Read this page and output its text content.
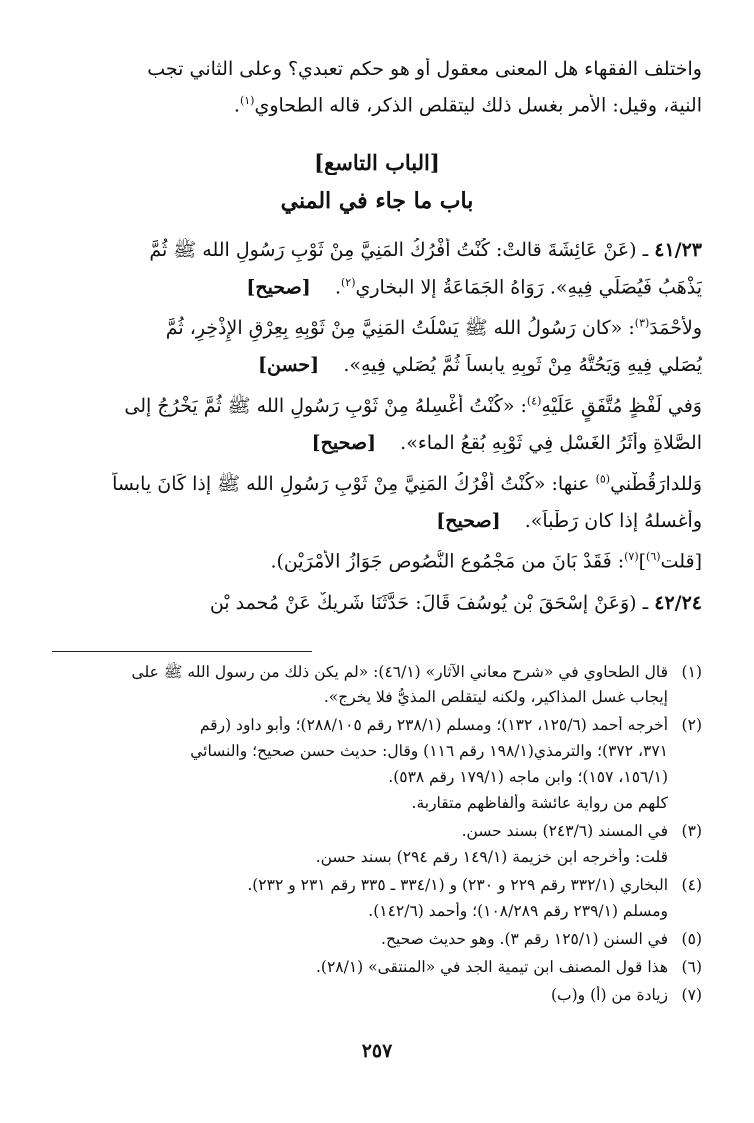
واختلف الفقهاء هل المعنى معقول أو هو حكم تعبدي؟ وعلى الثاني تجب
النية، وقيل: الأمر بغسل ذلك ليتقلص الذكر، قاله الطحاوي$^{(١)}$.
[الباب التاسع]
باب ما جاء في المني
٤١/٢٣ ـ (عَنْ عَائِشَةَ قالتْ: كُنْتُ أَفْرُكُ المَنِيَّ مِنْ ثَوْبِ رَسُولِ الله ﷺ ثُمَّ
يَذْهَبُ فَيُصَلِّي فِيهِ». رَوَاهُ الجَمَاعَةُ إلا البخاري$^{(٢)}$.    [صحيح]
ولأحْمَدَ$^{(٣)}$: «كان رَسُولُ الله ﷺ يَسْلُتُ المَنِيَّ مِنْ ثَوْبِهِ بِعِرْقِ الإِذْخِرِ، ثُمَّ
يُصَلي فِيهِ وَيَحُتُّهُ مِنْ ثَوبِهِ يابساً ثُمَّ يُصَلي فِيهِ».    [حسن]
وَفي لَفْظٍ مُتَّفَقٍ عَلَيْهِ$^{(٤)}$: «كُنْتُ أَغْسِلهُ مِنْ ثَوْبِ رَسُولِ الله ﷺ ثُمَّ يَخْرُجُ إلى
الصَّلاةِ وأَثَرُ الغَسْلِ فِي ثَوْبِهِ بُقعُ الماء».    [صحيح]
وَللدارَقُطْني$^{(٥)}$ عنها: «كُنْتُ أَفْرُكُ المَنِيَّ مِنْ ثَوْبِ رَسُولِ الله ﷺ إذا كَانَ يابساً
وأغسلهُ إذا كان رَطْباً».    [صحيح]
[قلت$^{(٦)}$]$^{(٧)}$: فَقَدْ بَانَ من مَجْمُوعِ النُّصُوصِ جَوَازُ الأَمْرَيْنِ).
٤٢/٢٤ ـ (وَعَنْ إسْحَقَ بْنِ يُوسُفَ قَالَ: حَدَّثَنَا شَرِيكٌ عَنْ مُحمد بْنِ
(١)قال الطحاوي في «شرح معاني الآثار» (٤٦/١): «لم يكن ذلك من رسول الله ﷺ على
إيجاب غسل المذاكير، ولكنه ليتقلص المذيُّ فلا يخرج».
(٢)أخرجه أحمد (١٢٥/٦، ١٣٢)؛ ومسلم (٢٣٨/١ رقم ٢٨٨/١٠٥)؛ وأبو داود (رقم
٣٧١، ٣٧٢)؛ والترمذي(١٩٨/١ رقم ١١٦) وقال: حديث حسن صحيح؛ والنسائي
(١٥٦/١، ١٥٧)؛ وابن ماجه (١٧٩/١ رقم ٥٣٨).
كلهم من رواية عائشة وألفاظهم متقاربة.
(٣)في المسند (٢٤٣/٦) بسند حسن.
قلت: وأخرجه ابن خزيمة (١٤٩/١ رقم ٢٩٤) بسند حسن.
(٤)البخاري (٣٣٢/١ رقم ٢٢٩ و ٢٣٠) و (٣٣٤/١ ـ ٣٣٥ رقم ٢٣١ و ٢٣٢).
ومسلم (٢٣٩/١ رقم ١٠٨/٢٨٩)؛ وأحمد (١٤٢/٦).
(٥)في السنن (١٢٥/١ رقم ٣). وهو حديث صحيح.
(٦)هذا قول المصنف ابن تيمية الجد في «المنتقى» (٢٨/١).
(٧)زيادة من (أ) و(ب)
٢٥٧
